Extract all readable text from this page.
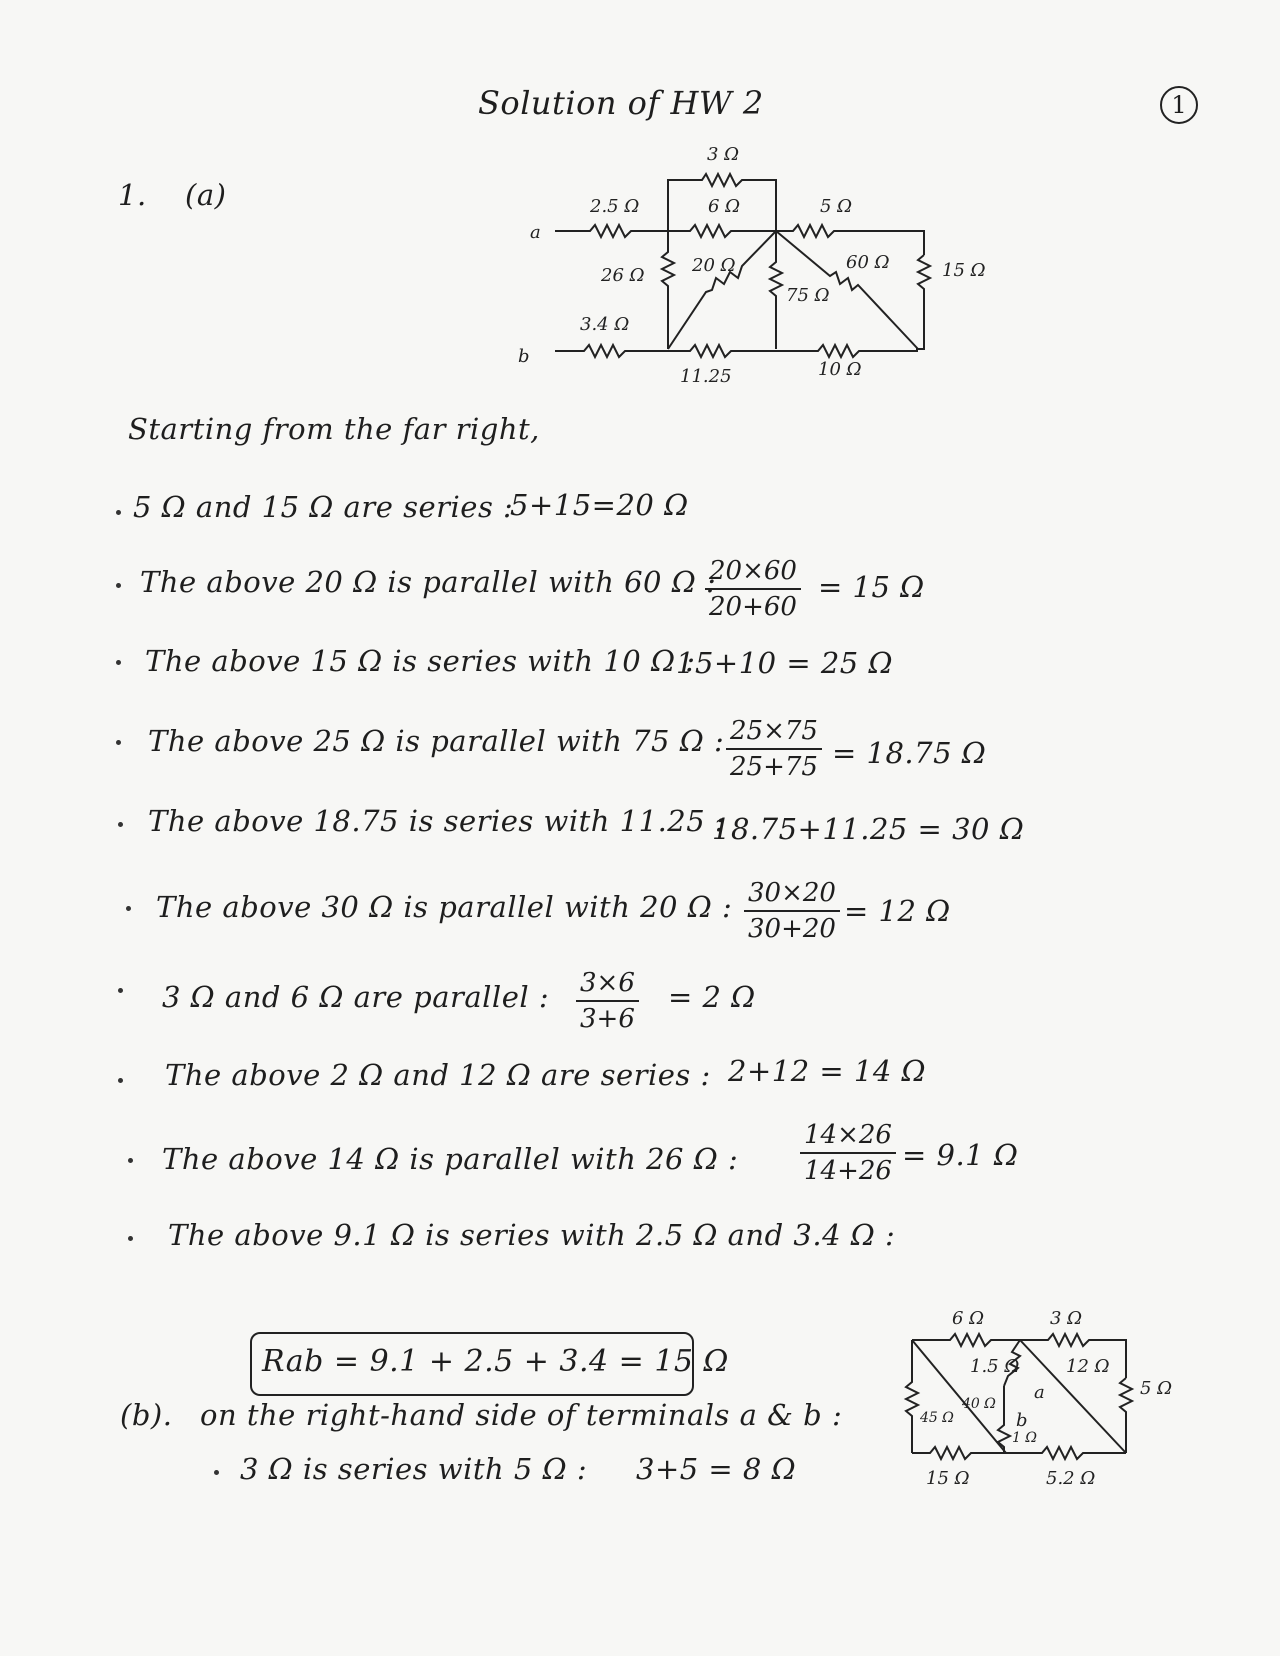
Solution of HW 2	1
1. (a)
3 Ω
2.5 Ω	6 Ω	5 Ω
a
26 Ω	20 Ω	60 Ω	15 Ω
75 Ω
3.4 Ω
b
11.25	10 Ω
Starting from the far right,
5 Ω and 15 Ω are series :
5+15=20 Ω
The above 20 Ω is parallel with 60 Ω :
$\frac{20\times 60}{20+60} = 15$ Ω
The above 15 Ω is series with 10 Ω :
15+10 = 25 Ω
The above 25 Ω is parallel with 75 Ω : $\frac{25\times 75}{25+75} = 18.75$ Ω
The above 18.75 is series with 11.25 :
18.75+11.25 = 30 Ω
The above 30 Ω is parallel with 20 Ω : $\frac{30\times 20}{30+20} = 12$ Ω
3 Ω and 6 Ω are parallel : $\frac{3\times 6}{3+6} = 2$ Ω
The above 2 Ω and 12 Ω are series : 2+12 = 14 Ω
The above 14 Ω is parallel with 26 Ω : $\frac{14\times 26}{14+26} = 9.1$ Ω
The above 9.1 Ω is series with 2.5 Ω and 3.4 Ω :
Rab = 9.1 + 2.5 + 3.4 = 15 Ω
(b). on the right-hand side of terminals a & b :
3 Ω is series with 5 Ω : 3+5 = 8 Ω
6 Ω	3 Ω
1.5 Ω	12 Ω
5 Ω
a
b
40 Ω
45 Ω
1 Ω
15 Ω	5.2 Ω
